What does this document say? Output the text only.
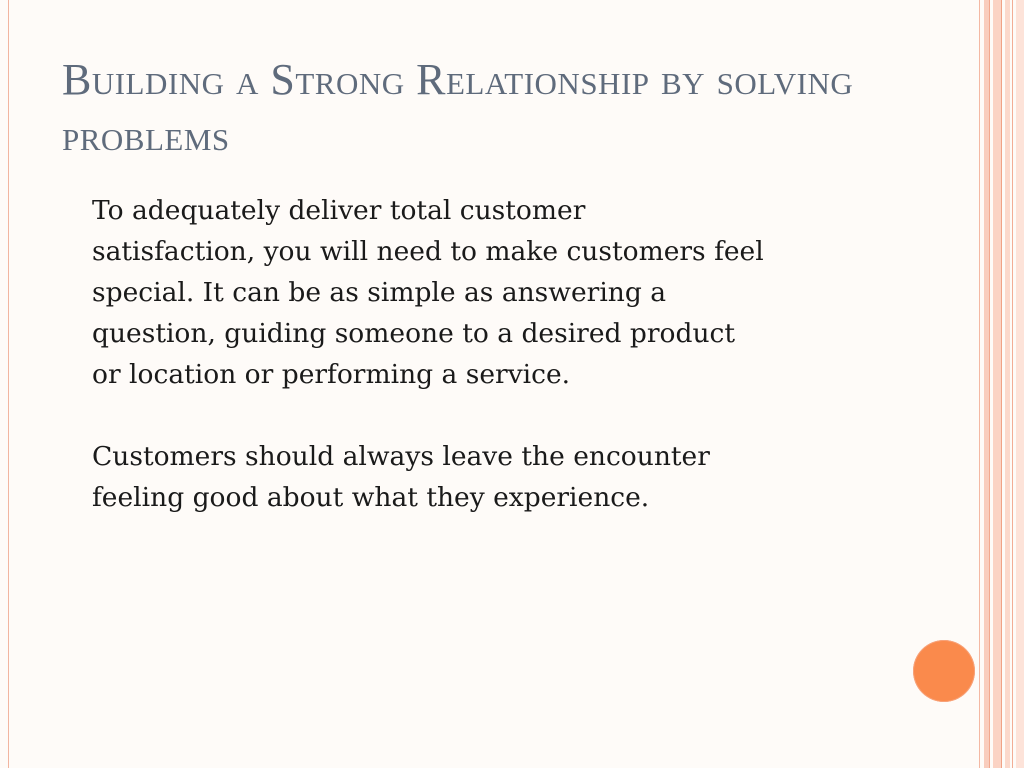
Building a Strong Relationship by solving problems

To adequately deliver total customer
satisfaction, you will need to make customers feel
special. It can be as simple as answering a
question, guiding someone to a desired product
or location or performing a service.

Customers should always leave the encounter
feeling good about what they experience.
